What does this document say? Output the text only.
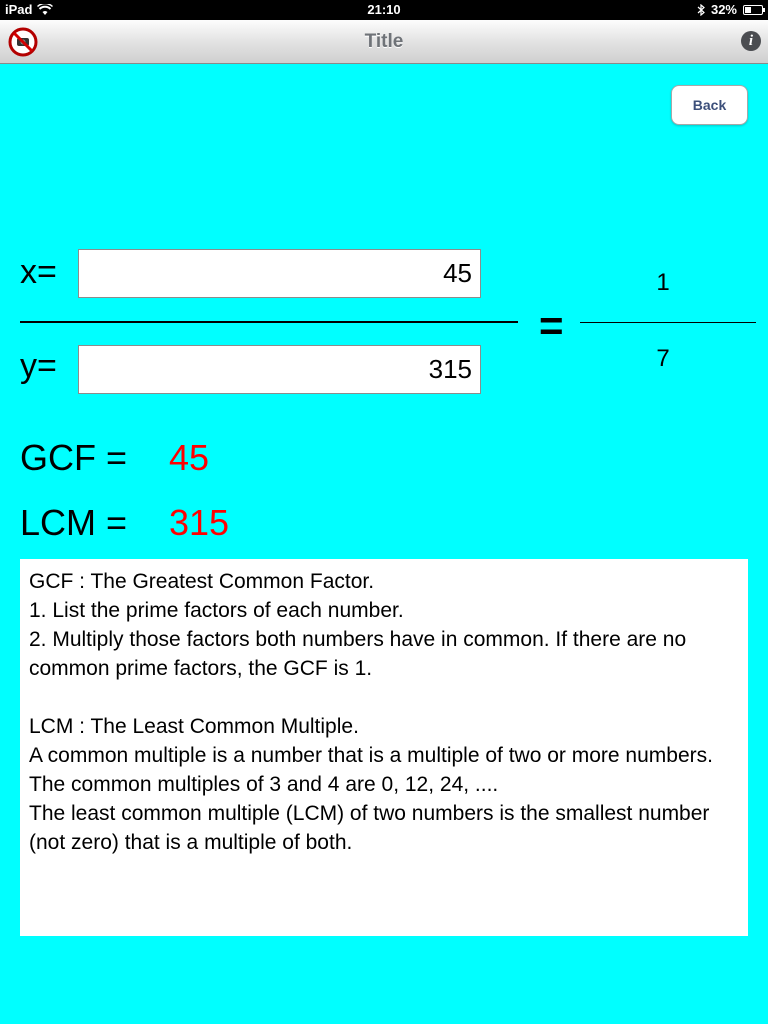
iPad	21:10	32%
Title	i
Back
x=	45
y=	315
=
1
7
GCF = 45
LCM = 315
GCF : The Greatest Common Factor.
1. List the prime factors of each number.
2. Multiply those factors both numbers have in common. If there are no common prime factors, the GCF is 1.

LCM : The Least Common Multiple.
A common multiple is a number that is a multiple of two or more numbers. The common multiples of 3 and 4 are 0, 12, 24, ....
The least common multiple (LCM) of two numbers is the smallest number (not zero) that is a multiple of both.
